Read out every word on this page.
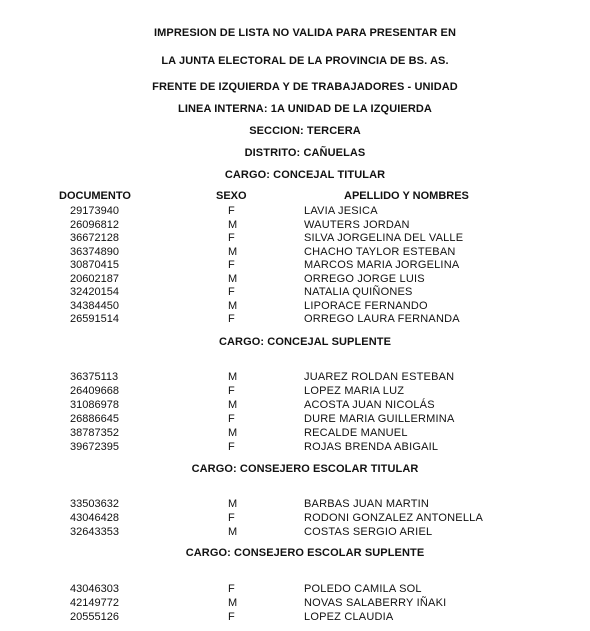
IMPRESION DE LISTA NO VALIDA PARA PRESENTAR EN
LA JUNTA ELECTORAL DE LA PROVINCIA DE BS. AS.
FRENTE DE IZQUIERDA Y DE TRABAJADORES - UNIDAD
LINEA INTERNA: 1A UNIDAD DE LA IZQUIERDA
SECCION: TERCERA
DISTRITO: CAÑUELAS
CARGO: CONCEJAL TITULAR
DOCUMENTO	SEXO	APELLIDO Y NOMBRES
29173940	F	LAVIA JESICA
26096812	M	WAUTERS JORDAN
36672128	F	SILVA JORGELINA DEL VALLE
36374890	M	CHACHO TAYLOR ESTEBAN
30870415	F	MARCOS MARIA JORGELINA
20602187	M	ORREGO JORGE LUIS
32420154	F	NATALIA QUIÑONES
34384450	M	LIPORACE FERNANDO
26591514	F	ORREGO LAURA FERNANDA
CARGO: CONCEJAL SUPLENTE
36375113	M	JUAREZ ROLDAN ESTEBAN
26409668	F	LOPEZ MARIA LUZ
31086978	M	ACOSTA JUAN NICOLÁS
26886645	F	DURE MARIA GUILLERMINA
38787352	M	RECALDE MANUEL
39672395	F	ROJAS BRENDA ABIGAIL
CARGO: CONSEJERO ESCOLAR TITULAR
33503632	M	BARBAS JUAN MARTIN
43046428	F	RODONI GONZALEZ ANTONELLA
32643353	M	COSTAS SERGIO ARIEL
CARGO: CONSEJERO ESCOLAR SUPLENTE
43046303	F	POLEDO CAMILA SOL
42149772	M	NOVAS SALABERRY IÑAKI
20555126	F	LOPEZ CLAUDIA
